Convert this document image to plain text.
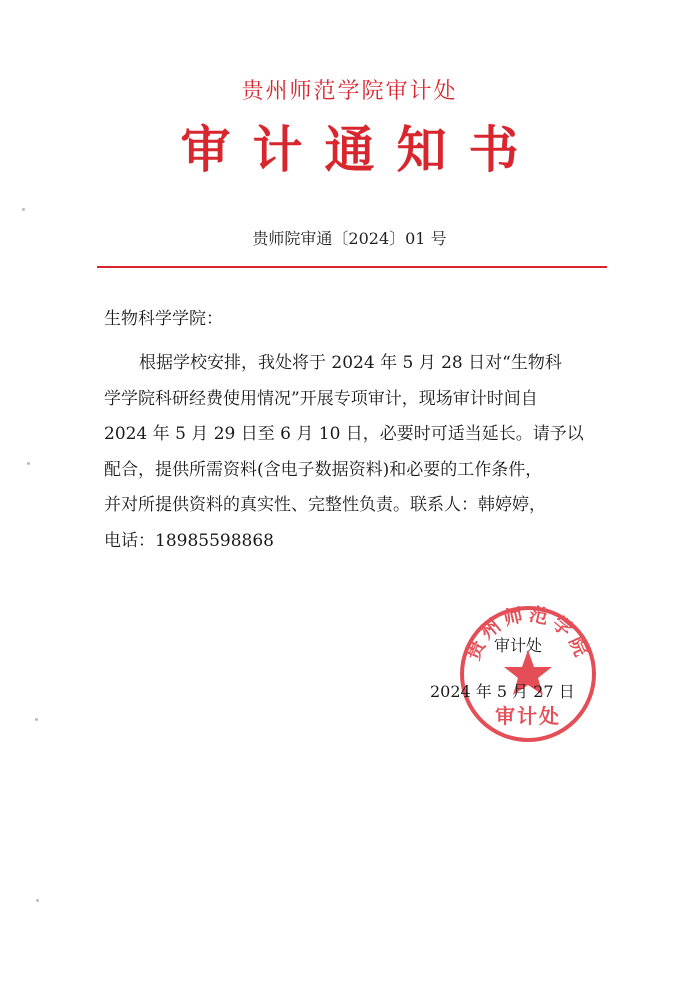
贵州师范学院审计处
审计通知书
贵师院审通〔2024〕01 号
生物科学学院：
根据学校安排，我处将于 2024 年 5 月 28 日对“生物科
学学院科研经费使用情况”开展专项审计，现场审计时间自
2024 年 5 月 29 日至 6 月 10 日，必要时可适当延长。请予以
配合，提供所需资料(含电子数据资料)和必要的工作条件，
并对所提供资料的真实性、完整性负责。联系人：韩婷婷，
电话：18985598868
贵州师范学院
审计处
审计处
2024 年 5 月 27 日
